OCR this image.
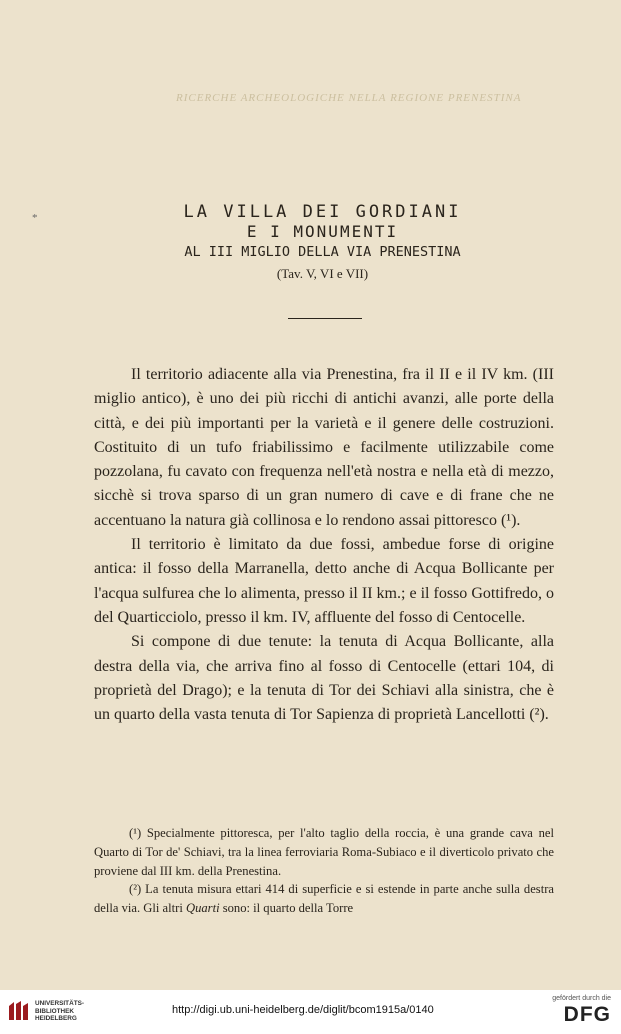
RICERCHE ARCHEOLOGICHE NELLA REGIONE PRENESTINA
*	LA VILLA DEI GORDIANI
E I MONUMENTI
AL III MIGLIO DELLA VIA PRENESTINA
(Tav. V, VI e VII)

Il territorio adiacente alla via Prenestina, fra il II e il IV km. (III miglio antico), è uno dei più ricchi di antichi avanzi, alle porte della città, e dei più importanti per la varietà e il genere delle costruzioni. Costituito di un tufo friabilissimo e facilmente utilizzabile come pozzolana, fu cavato con frequenza nell'età nostra e nella età di mezzo, sicchè si trova sparso di un gran numero di cave e di frane che ne accentuano la natura già collinosa e lo rendono assai pittoresco (¹).

Il territorio è limitato da due fossi, ambedue forse di origine antica: il fosso della Marranella, detto anche di Acqua Bollicante per l'acqua sulfurea che lo alimenta, presso il II km.; e il fosso Gottifredo, o del Quarticciolo, presso il km. IV, affluente del fosso di Centocelle.

Si compone di due tenute: la tenuta di Acqua Bollicante, alla destra della via, che arriva fino al fosso di Centocelle (ettari 104, di proprietà del Drago); e la tenuta di Tor dei Schiavi alla sinistra, che è un quarto della vasta tenuta di Tor Sapienza di proprietà Lancellotti (²).

(¹) Specialmente pittoresca, per l'alto taglio della roccia, è una grande cava nel Quarto di Tor de' Schiavi, tra la linea ferroviaria Roma-Subiaco e il diverticolo privato che proviene dal III km. della Prenestina.

(²) La tenuta misura ettari 414 di superficie e si estende in parte anche sulla destra della via. Gli altri Quarti sono: il quarto della Torre

UNIVERSITÄTS-
BIBLIOTHEK
HEIDELBERG
http://digi.ub.uni-heidelberg.de/diglit/bcom1915a/0140
gefördert durch die
DFG
